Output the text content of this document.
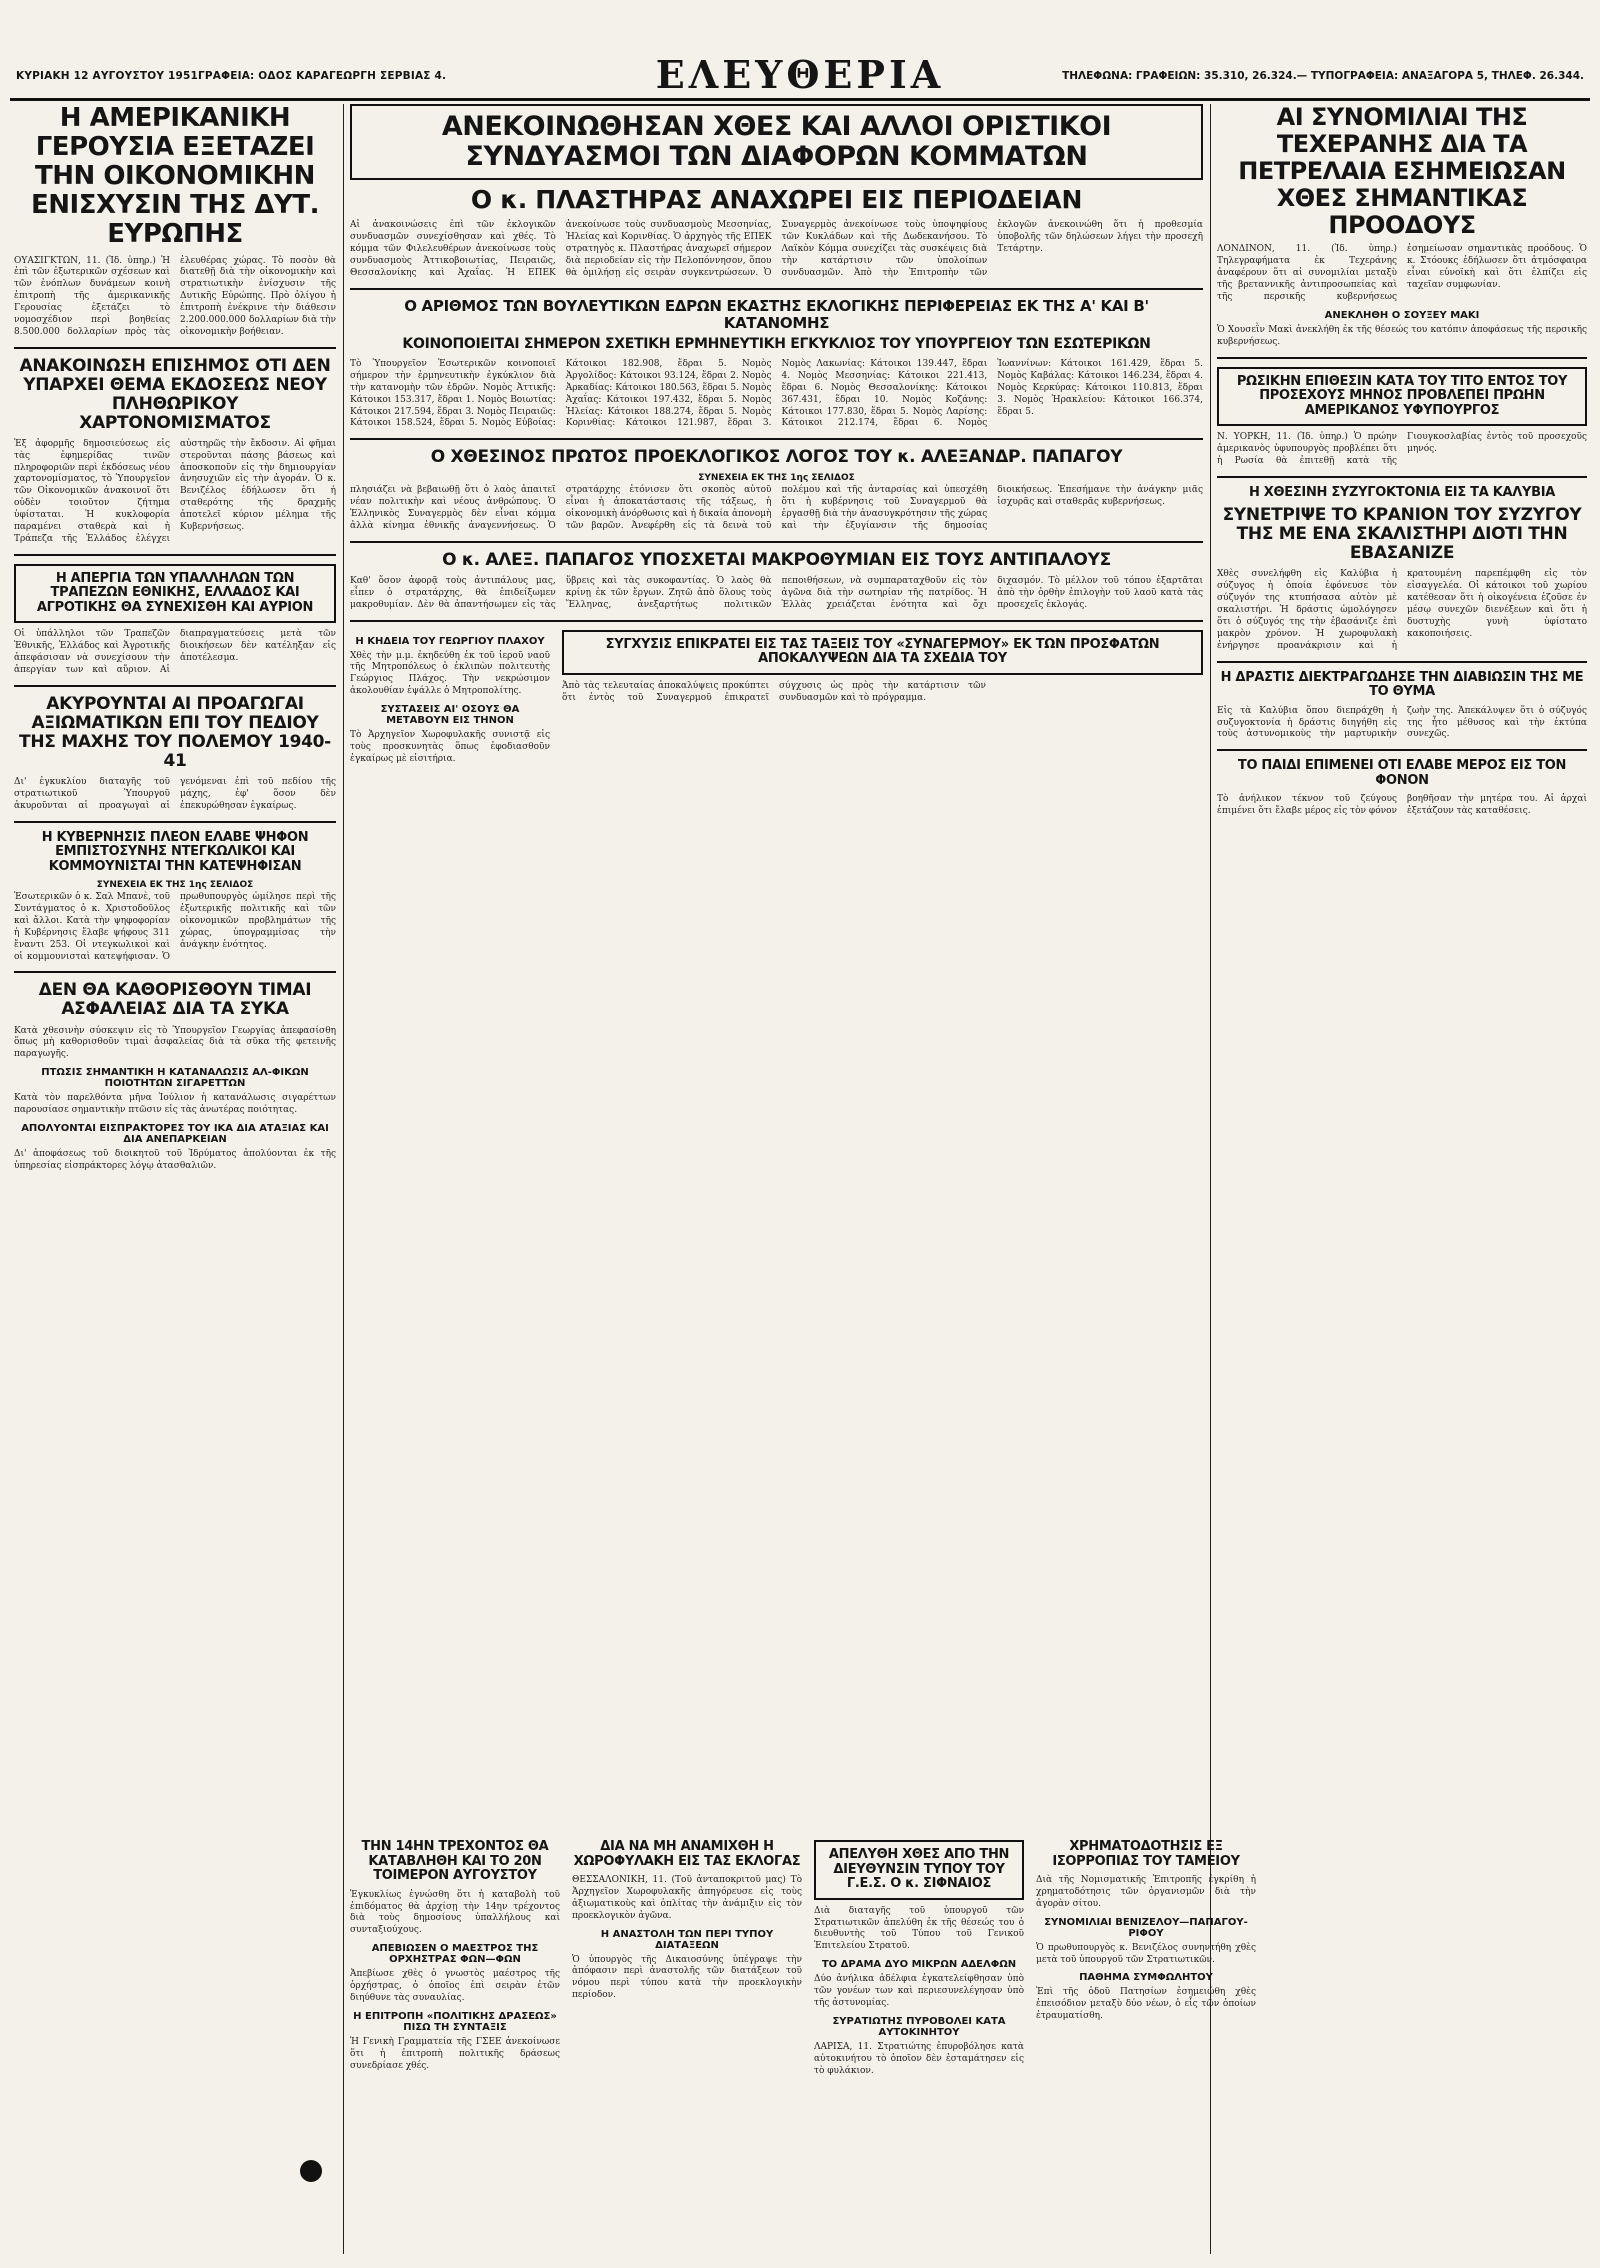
ΚΥΡΙΑΚΗ 12 ΑΥΓΟΥΣΤΟΥ 1951ΓΡΑΦΕΙΑ: ΟΔΟΣ ΚΑΡΑΓΕΩΡΓΗ ΣΕΡΒΙΑΣ 4.	ΕΛΕΥΘΕΡΙΑ	ΤΗΛΕΦΩΝΑ: ΓΡΑΦΕΙΩΝ: 35.310, 26.324.— ΤΥΠΟΓΡΑΦΕΙΑ: ΑΝΑΞΑΓΟΡΑ 5, ΤΗΛΕΦ. 26.344.
Η ΑΜΕΡΙΚΑΝΙΚΗ ΓΕΡΟΥΣΙΑ ΕΞΕΤΑΖΕΙ ΤΗΝ ΟΙΚΟΝΟΜΙΚΗΝ ΕΝΙΣΧΥΣΙΝ ΤΗΣ ΔΥΤ. ΕΥΡΩΠΗΣ

ΟΥΑΣΙΓΚΤΩΝ, 11. (Ἰδ. ὑπηρ.) Ἡ ἐπὶ τῶν ἐξωτερικῶν σχέσεων καὶ τῶν ἐνόπλων δυνάμεων κοινὴ ἐπιτροπὴ τῆς ἀμερικανικῆς Γερουσίας ἐξετάζει τὸ νομοσχέδιον περὶ βοηθείας 8.500.000 δολλαρίων πρὸς τὰς ἐλευθέρας χώρας. Τὸ ποσὸν θὰ διατεθῇ διὰ τὴν οἰκονομικὴν καὶ στρατιωτικὴν ἐνίσχυσιν τῆς Δυτικῆς Εὐρώπης. Πρὸ ὀλίγου ἡ ἐπιτροπὴ ἐνέκρινε τὴν διάθεσιν 2.200.000.000 δολλαρίων διὰ τὴν οἰκονομικὴν βοήθειαν.

ΑΝΑΚΟΙΝΩΣΗ ΕΠΙΣΗΜΟΣ ΟΤΙ ΔΕΝ ΥΠΑΡΧΕΙ ΘΕΜΑ ΕΚΔΟΣΕΩΣ ΝΕΟΥ ΠΛΗΘΩΡΙΚΟΥ ΧΑΡΤΟΝΟΜΙΣΜΑΤΟΣ

Ἐξ ἀφορμῆς δημοσιεύσεως εἰς τὰς ἐφημερίδας τινῶν πληροφοριῶν περὶ ἐκδόσεως νέου χαρτονομίσματος, τὸ Ὑπουργεῖον τῶν Οἰκονομικῶν ἀνακοινοῖ ὅτι οὐδὲν τοιοῦτον ζήτημα ὑφίσταται. Ἡ κυκλοφορία παραμένει σταθερὰ καὶ ἡ Τράπεζα τῆς Ἑλλάδος ἐλέγχει αὐστηρῶς τὴν ἔκδοσιν. Αἱ φῆμαι στεροῦνται πάσης βάσεως καὶ ἀποσκοποῦν εἰς τὴν δημιουργίαν ἀνησυχιῶν εἰς τὴν ἀγοράν. Ὁ κ. Βενιζέλος ἐδήλωσεν ὅτι ἡ σταθερότης τῆς δραχμῆς ἀποτελεῖ κύριον μέλημα τῆς Κυβερνήσεως.

Η ΑΠΕΡΓΙΑ ΤΩΝ ΥΠΑΛΛΗΛΩΝ ΤΩΝ ΤΡΑΠΕΖΩΝ ΕΘΝΙΚΗΣ, ΕΛΛΑΔΟΣ ΚΑΙ ΑΓΡΟΤΙΚΗΣ ΘΑ ΣΥΝΕΧΙΣΘΗ ΚΑΙ ΑΥΡΙΟΝ

Οἱ ὑπάλληλοι τῶν Τραπεζῶν Ἐθνικῆς, Ἑλλάδος καὶ Ἀγροτικῆς ἀπεφάσισαν νὰ συνεχίσουν τὴν ἀπεργίαν των καὶ αὔριον. Αἱ διαπραγματεύσεις μετὰ τῶν διοικήσεων δὲν κατέληξαν εἰς ἀποτέλεσμα.

ΑΚΥΡΟΥΝΤΑΙ ΑΙ ΠΡΟΑΓΩΓΑΙ ΑΞΙΩΜΑΤΙΚΩΝ ΕΠΙ ΤΟΥ ΠΕΔΙΟΥ ΤΗΣ ΜΑΧΗΣ ΤΟΥ ΠΟΛΕΜΟΥ 1940-41

Δι' ἐγκυκλίου διαταγῆς τοῦ στρατιωτικοῦ Ὑπουργοῦ ἀκυροῦνται αἱ προαγωγαὶ αἱ γενόμεναι ἐπὶ τοῦ πεδίου τῆς μάχης, ἐφ' ὅσον δὲν ἐπεκυρώθησαν ἐγκαίρως.

Η ΚΥΒΕΡΝΗΣΙΣ ΠΛΕΟΝ ΕΛΑΒΕ ΨΗΦΟΝ ΕΜΠΙΣΤΟΣΥΝΗΣ ΝΤΕΓΚΩΛΙΚΟΙ ΚΑΙ ΚΟΜΜΟΥΝΙΣΤΑΙ ΤΗΝ ΚΑΤΕΨΗΦΙΣΑΝ
ΣΥΝΕΧΕΙΑ ΕΚ ΤΗΣ 1ης ΣΕΛΙΔΟΣ

Ἐσωτερικῶν ὁ κ. Σαλ Μπανὲ, τοῦ Συντάγματος ὁ κ. Χριστοδοῦλος καὶ ἄλλοι. Κατὰ τὴν ψηφοφορίαν ἡ Κυβέρνησις ἔλαβε ψήφους 311 ἔναντι 253. Οἱ ντεγκωλικοὶ καὶ οἱ κομμουνισταὶ κατεψήφισαν. Ὁ πρωθυπουργὸς ὡμίλησε περὶ τῆς ἐξωτερικῆς πολιτικῆς καὶ τῶν οἰκονομικῶν προβλημάτων τῆς χώρας, ὑπογραμμίσας τὴν ἀνάγκην ἑνότητος.

ΔΕΝ ΘΑ ΚΑΘΟΡΙΣΘΟΥΝ ΤΙΜΑΙ ΑΣΦΑΛΕΙΑΣ ΔΙΑ ΤΑ ΣΥΚΑ

Κατὰ χθεσινὴν σύσκεψιν εἰς τὸ Ὑπουργεῖον Γεωργίας ἀπεφασίσθη ὅπως μὴ καθορισθοῦν τιμαὶ ἀσφαλείας διὰ τὰ σῦκα τῆς φετεινῆς παραγωγῆς.

ΠΤΩΣΙΣ ΣΗΜΑΝΤΙΚΗ Η ΚΑΤΑΝΑΛΩΣΙΣ ΑΛ-ΦΙΚΩΝ ΠΟΙΟΤΗΤΩΝ ΣΙΓΑΡΕΤΤΩΝ

Κατὰ τὸν παρελθόντα μῆνα Ἰούλιον ἡ κατανάλωσις σιγαρέττων παρουσίασε σημαντικὴν πτῶσιν εἰς τὰς ἀνωτέρας ποιότητας.

ΑΠΟΛΥΟΝΤΑΙ ΕΙΣΠΡΑΚΤΟΡΕΣ ΤΟΥ ΙΚΑ ΔΙΑ ΑΤΑΞΙΑΣ ΚΑΙ ΔΙΑ ΑΝΕΠΑΡΚΕΙΑΝ

Δι' ἀποφάσεως τοῦ διοικητοῦ τοῦ Ἱδρύματος ἀπολύονται ἐκ τῆς ὑπηρεσίας εἰσπράκτορες λόγῳ ἀτασθαλιῶν.

ΑΝΕΚΟΙΝΩΘΗΣΑΝ ΧΘΕΣ ΚΑΙ ΑΛΛΟΙ ΟΡΙΣΤΙΚΟΙ ΣΥΝΔΥΑΣΜΟΙ ΤΩΝ ΔΙΑΦΟΡΩΝ ΚΟΜΜΑΤΩΝ
Ο κ. ΠΛΑΣΤΗΡΑΣ ΑΝΑΧΩΡΕΙ ΕΙΣ ΠΕΡΙΟΔΕΙΑΝ

Αἱ ἀνακοινώσεις ἐπὶ τῶν ἐκλογικῶν συνδυασμῶν συνεχίσθησαν καὶ χθές. Τὸ κόμμα τῶν Φιλελευθέρων ἀνεκοίνωσε τοὺς συνδυασμοὺς Ἀττικοβοιωτίας, Πειραιῶς, Θεσσαλονίκης καὶ Ἀχαΐας. Ἡ ΕΠΕΚ ἀνεκοίνωσε τοὺς συνδυασμοὺς Μεσσηνίας, Ἠλείας καὶ Κορινθίας. Ὁ ἀρχηγὸς τῆς ΕΠΕΚ στρατηγὸς κ. Πλαστήρας ἀναχωρεῖ σήμερον διὰ περιοδείαν εἰς τὴν Πελοπόννησον, ὅπου θὰ ὁμιλήσῃ εἰς σειρὰν συγκεντρώσεων. Ὁ Συναγερμὸς ἀνεκοίνωσε τοὺς ὑποψηφίους τῶν Κυκλάδων καὶ τῆς Δωδεκανήσου. Τὸ Λαϊκὸν Κόμμα συνεχίζει τὰς συσκέψεις διὰ τὴν κατάρτισιν τῶν ὑπολοίπων συνδυασμῶν. Ἀπὸ τὴν Ἐπιτροπὴν τῶν ἐκλογῶν ἀνεκοινώθη ὅτι ἡ προθεσμία ὑποβολῆς τῶν δηλώσεων λήγει τὴν προσεχῆ Τετάρτην.

Ο ΑΡΙΘΜΟΣ ΤΩΝ ΒΟΥΛΕΥΤΙΚΩΝ ΕΔΡΩΝ ΕΚΑΣΤΗΣ ΕΚΛΟΓΙΚΗΣ ΠΕΡΙΦΕΡΕΙΑΣ ΕΚ ΤΗΣ Α' ΚΑΙ Β' ΚΑΤΑΝΟΜΗΣ
ΚΟΙΝΟΠΟΙΕΙΤΑΙ ΣΗΜΕΡΟΝ ΣΧΕΤΙΚΗ ΕΡΜΗΝΕΥΤΙΚΗ ΕΓΚΥΚΛΙΟΣ ΤΟΥ ΥΠΟΥΡΓΕΙΟΥ ΤΩΝ ΕΣΩΤΕΡΙΚΩΝ

Τὸ Ὑπουργεῖον Ἐσωτερικῶν κοινοποιεῖ σήμερον τὴν ἑρμηνευτικὴν ἐγκύκλιον διὰ τὴν κατανομὴν τῶν ἑδρῶν. Νομὸς Ἀττικῆς: Κάτοικοι 153.317, ἕδραι 1. Νομὸς Βοιωτίας: Κάτοικοι 217.594, ἕδραι 3. Νομὸς Πειραιῶς: Κάτοικοι 158.524, ἕδραι 5. Νομὸς Εὐβοίας: Κάτοικοι 182.908, ἕδραι 5. Νομὸς Ἀργολίδος: Κάτοικοι 93.124, ἕδραι 2. Νομὸς Ἀρκαδίας: Κάτοικοι 180.563, ἕδραι 5. Νομὸς Ἀχαΐας: Κάτοικοι 197.432, ἕδραι 5. Νομὸς Ἠλείας: Κάτοικοι 188.274, ἕδραι 5. Νομὸς Κορινθίας: Κάτοικοι 121.987, ἕδραι 3. Νομὸς Λακωνίας: Κάτοικοι 139.447, ἕδραι 4. Νομὸς Μεσσηνίας: Κάτοικοι 221.413, ἕδραι 6. Νομὸς Θεσσαλονίκης: Κάτοικοι 367.431, ἕδραι 10. Νομὸς Κοζάνης: Κάτοικοι 177.830, ἕδραι 5. Νομὸς Λαρίσης: Κάτοικοι 212.174, ἕδραι 6. Νομὸς Ἰωαννίνων: Κάτοικοι 161.429, ἕδραι 5. Νομὸς Καβάλας: Κάτοικοι 146.234, ἕδραι 4. Νομὸς Κερκύρας: Κάτοικοι 110.813, ἕδραι 3. Νομὸς Ἡρακλείου: Κάτοικοι 166.374, ἕδραι 5.

Ο ΧΘΕΣΙΝΟΣ ΠΡΩΤΟΣ ΠΡΟΕΚΛΟΓΙΚΟΣ ΛΟΓΟΣ ΤΟΥ κ. ΑΛΕΞΑΝΔΡ. ΠΑΠΑΓΟΥ
ΣΥΝΕΧΕΙΑ ΕΚ ΤΗΣ 1ης ΣΕΛΙΔΟΣ

πλησιάζει νὰ βεβαιωθῇ ὅτι ὁ λαὸς ἀπαιτεῖ νέαν πολιτικὴν καὶ νέους ἀνθρώπους. Ὁ Ἑλληνικὸς Συναγερμὸς δὲν εἶναι κόμμα ἀλλὰ κίνημα ἐθνικῆς ἀναγεννήσεως. Ὁ στρατάρχης ἐτόνισεν ὅτι σκοπὸς αὐτοῦ εἶναι ἡ ἀποκατάστασις τῆς τάξεως, ἡ οἰκονομικὴ ἀνόρθωσις καὶ ἡ δικαία ἀπονομὴ τῶν βαρῶν. Ἀνεφέρθη εἰς τὰ δεινὰ τοῦ πολέμου καὶ τῆς ἀνταρσίας καὶ ὑπεσχέθη ὅτι ἡ κυβέρνησις τοῦ Συναγερμοῦ θὰ ἐργασθῇ διὰ τὴν ἀνασυγκρότησιν τῆς χώρας καὶ τὴν ἐξυγίανσιν τῆς δημοσίας διοικήσεως. Ἐπεσήμανε τὴν ἀνάγκην μιᾶς ἰσχυρᾶς καὶ σταθερᾶς κυβερνήσεως.

Ο κ. ΑΛΕΞ. ΠΑΠΑΓΟΣ ΥΠΟΣΧΕΤΑΙ ΜΑΚΡΟΘΥΜΙΑΝ ΕΙΣ ΤΟΥΣ ΑΝΤΙΠΑΛΟΥΣ

Καθ' ὅσον ἀφορᾷ τοὺς ἀντιπάλους μας, εἶπεν ὁ στρατάρχης, θὰ ἐπιδείξωμεν μακροθυμίαν. Δὲν θὰ ἀπαντήσωμεν εἰς τὰς ὕβρεις καὶ τὰς συκοφαντίας. Ὁ λαὸς θὰ κρίνῃ ἐκ τῶν ἔργων. Ζητῶ ἀπὸ ὅλους τοὺς Ἕλληνας, ἀνεξαρτήτως πολιτικῶν πεποιθήσεων, νὰ συμπαραταχθοῦν εἰς τὸν ἀγῶνα διὰ τὴν σωτηρίαν τῆς πατρίδος. Ἡ Ἑλλὰς χρειάζεται ἑνότητα καὶ ὄχι διχασμόν. Τὸ μέλλον τοῦ τόπου ἐξαρτᾶται ἀπὸ τὴν ὀρθὴν ἐπιλογὴν τοῦ λαοῦ κατὰ τὰς προσεχεῖς ἐκλογάς.

Η ΚΗΔΕΙΑ ΤΟΥ ΓΕΩΡΓΙΟΥ ΠΛΑΧΟΥ

Χθὲς τὴν μ.μ. ἐκηδεύθη ἐκ τοῦ ἱεροῦ ναοῦ τῆς Μητροπόλεως ὁ ἐκλιπὼν πολιτευτὴς Γεώργιος Πλάχος. Τὴν νεκρώσιμον ἀκολουθίαν ἐψάλλε ὁ Μητροπολίτης.

ΣΥΣΤΑΣΕΙΣ ΑΙ' ΟΣΟΥΣ ΘΑ ΜΕΤΑΒΟΥΝ ΕΙΣ ΤΗΝΟΝ

Τὸ Ἀρχηγεῖον Χωροφυλακῆς συνιστᾷ εἰς τοὺς προσκυνητὰς ὅπως ἐφοδιασθοῦν ἐγκαίρως μὲ εἰσιτήρια.

ΣΥΓΧΥΣΙΣ ΕΠΙΚΡΑΤΕΙ ΕΙΣ ΤΑΣ ΤΑΞΕΙΣ ΤΟΥ «ΣΥΝΑΓΕΡΜΟΥ» ΕΚ ΤΩΝ ΠΡΟΣΦΑΤΩΝ ΑΠΟΚΑΛΥΨΕΩΝ ΔΙΑ ΤΑ ΣΧΕΔΙΑ ΤΟΥ

Ἀπὸ τὰς τελευταίας ἀποκαλύψεις προκύπτει ὅτι ἐντὸς τοῦ Συναγερμοῦ ἐπικρατεῖ σύγχυσις ὡς πρὸς τὴν κατάρτισιν τῶν συνδυασμῶν καὶ τὸ πρόγραμμα.

ΑΙ ΣΥΝΟΜΙΛΙΑΙ ΤΗΣ ΤΕΧΕΡΑΝΗΣ ΔΙΑ ΤΑ ΠΕΤΡΕΛΑΙΑ ΕΣΗΜΕΙΩΣΑΝ ΧΘΕΣ ΣΗΜΑΝΤΙΚΑΣ ΠΡΟΟΔΟΥΣ

ΛΟΝΔΙΝΟΝ, 11. (Ἰδ. ὑπηρ.) Τηλεγραφήματα ἐκ Τεχεράνης ἀναφέρουν ὅτι αἱ συνομιλίαι μεταξὺ τῆς βρεταννικῆς ἀντιπροσωπείας καὶ τῆς περσικῆς κυβερνήσεως ἐσημείωσαν σημαντικὰς προόδους. Ὁ κ. Στόουκς ἐδήλωσεν ὅτι ἀτμόσφαιρα εἶναι εὐνοϊκὴ καὶ ὅτι ἐλπίζει εἰς ταχεῖαν συμφωνίαν.

ΑΝΕΚΛΗΘΗ Ο ΣΟΥΞΕΥ ΜΑΚΙ

Ὁ Χουσεῒν Μακὶ ἀνεκλήθη ἐκ τῆς θέσεώς του κατόπιν ἀποφάσεως τῆς περσικῆς κυβερνήσεως.

ΡΩΣΙΚΗΝ ΕΠΙΘΕΣΙΝ ΚΑΤΑ ΤΟΥ ΤΙΤΟ ΕΝΤΟΣ ΤΟΥ ΠΡΟΣΕΧΟΥΣ ΜΗΝΟΣ ΠΡΟΒΛΕΠΕΙ ΠΡΩΗΝ ΑΜΕΡΙΚΑΝΟΣ ΥΦΥΠΟΥΡΓΟΣ

Ν. ΥΟΡΚΗ, 11. (Ἰδ. ὑπηρ.) Ὁ πρώην ἀμερικανὸς ὑφυπουργὸς προβλέπει ὅτι ἡ Ρωσία θὰ ἐπιτεθῇ κατὰ τῆς Γιουγκοσλαβίας ἐντὸς τοῦ προσεχοῦς μηνός.

Η ΧΘΕΣΙΝΗ ΣΥΖΥΓΟΚΤΟΝΙΑ ΕΙΣ ΤΑ ΚΑΛΥΒΙΑ
ΣΥΝΕΤΡΙΨΕ ΤΟ ΚΡΑΝΙΟΝ ΤΟΥ ΣΥΖΥΓΟΥ ΤΗΣ ΜΕ ΕΝΑ ΣΚΑΛΙΣΤΗΡΙ ΔΙΟΤΙ ΤΗΝ ΕΒΑΣΑΝΙΖΕ

Χθὲς συνελήφθη εἰς Καλύβια ἡ σύζυγος ἡ ὁποία ἐφόνευσε τὸν σύζυγόν της κτυπήσασα αὐτὸν μὲ σκαλιστήρι. Ἡ δράστις ὡμολόγησεν ὅτι ὁ σύζυγός της τὴν ἐβασάνιζε ἐπὶ μακρὸν χρόνον. Ἡ χωροφυλακὴ ἐνήργησε προανάκρισιν καὶ ἡ κρατουμένη παρεπέμφθη εἰς τὸν εἰσαγγελέα. Οἱ κάτοικοι τοῦ χωρίου κατέθεσαν ὅτι ἡ οἰκογένεια ἐζοῦσε ἐν μέσῳ συνεχῶν διενέξεων καὶ ὅτι ἡ δυστυχὴς γυνὴ ὑφίστατο κακοποιήσεις.

Η ΔΡΑΣΤΙΣ ΔΙΕΚΤΡΑΓΩΔΗΣΕ ΤΗΝ ΔΙΑΒΙΩΣΙΝ ΤΗΣ ΜΕ ΤΟ ΘΥΜΑ

Εἰς τὰ Καλύβια ὅπου διεπράχθη ἡ συζυγοκτονία ἡ δράστις διηγήθη εἰς τοὺς ἀστυνομικοὺς τὴν μαρτυρικὴν ζωὴν της. Ἀπεκάλυψεν ὅτι ὁ σύζυγός της ἦτο μέθυσος καὶ τὴν ἐκτύπα συνεχῶς.

ΤΟ ΠΑΙΔΙ ΕΠΙΜΕΝΕΙ ΟΤΙ ΕΛΑΒΕ ΜΕΡΟΣ ΕΙΣ ΤΟΝ ΦΟΝΟΝ

Τὸ ἀνήλικον τέκνον τοῦ ζεύγους ἐπιμένει ὅτι ἔλαβε μέρος εἰς τὸν φόνον βοηθῆσαν τὴν μητέρα του. Αἱ ἀρχαὶ ἐξετάζουν τὰς καταθέσεις.

ΤΗΝ 14ΗΝ ΤΡΕΧΟΝΤΟΣ ΘΑ ΚΑΤΑΒΛΗΘΗ ΚΑΙ ΤΟ 20Ν ΤΟΙΜΕΡΟΝ ΑΥΓΟΥΣΤΟΥ

Ἐγκυκλίως ἐγνώσθη ὅτι ἡ καταβολὴ τοῦ ἐπιδόματος θὰ ἀρχίσῃ τὴν 14ην τρέχοντος διὰ τοὺς δημοσίους ὑπαλλήλους καὶ συνταξιούχους.

ΑΠΕΒΙΩΣΕΝ Ο ΜΑΕΣΤΡΟΣ ΤΗΣ ΟΡΧΗΣΤΡΑΣ ΦΩΝ—ΦΩΝ

Ἀπεβίωσε χθὲς ὁ γνωστὸς μαέστρος τῆς ὀρχήστρας, ὁ ὁποῖος ἐπὶ σειρὰν ἐτῶν διηύθυνε τὰς συναυλίας.

Η ΕΠΙΤΡΟΠΗ «ΠΟΛΙΤΙΚΗΣ ΔΡΑΣΕΩΣ» ΠΙΣΩ ΤΗ ΣΥΝΤΑΞΙΣ

Ἡ Γενικὴ Γραμματεία τῆς ΓΣΕΕ ἀνεκοίνωσε ὅτι ἡ ἐπιτροπὴ πολιτικῆς δράσεως συνεδρίασε χθές.

ΔΙΑ ΝΑ ΜΗ ΑΝΑΜΙΧΘΗ Η ΧΩΡΟΦΥΛΑΚΗ ΕΙΣ ΤΑΣ ΕΚΛΟΓΑΣ

ΘΕΣΣΑΛΟΝΙΚΗ, 11. (Τοῦ ἀνταποκριτοῦ μας) Τὸ Ἀρχηγεῖον Χωροφυλακῆς ἀπηγόρευσε εἰς τοὺς ἀξιωματικοὺς καὶ ὁπλίτας τὴν ἀνάμιξιν εἰς τὸν προεκλογικὸν ἀγῶνα.

Η ΑΝΑΣΤΟΛΗ ΤΩΝ ΠΕΡΙ ΤΥΠΟΥ ΔΙΑΤΑΞΕΩΝ

Ὁ ὑπουργὸς τῆς Δικαιοσύνης ὑπέγραψε τὴν ἀπόφασιν περὶ ἀναστολῆς τῶν διατάξεων τοῦ νόμου περὶ τύπου κατὰ τὴν προεκλογικὴν περίοδον.

ΑΠΕΛΥΘΗ ΧΘΕΣ ΑΠΟ ΤΗΝ ΔΙΕΥΘΥΝΣΙΝ ΤΥΠΟΥ ΤΟΥ Γ.Ε.Σ. Ο κ. ΣΙΦΝΑΙΟΣ

Διὰ διαταγῆς τοῦ ὑπουργοῦ τῶν Στρατιωτικῶν ἀπελύθη ἐκ τῆς θέσεώς του ὁ διευθυντὴς τοῦ Τύπου τοῦ Γενικοῦ Ἐπιτελείου Στρατοῦ.

ΤΟ ΔΡΑΜΑ ΔΥΟ ΜΙΚΡΩΝ ΑΔΕΛΦΩΝ

Δύο ἀνήλικα ἀδέλφια ἐγκατελείφθησαν ὑπὸ τῶν γονέων των καὶ περιεσυνελέγησαν ὑπὸ τῆς ἀστυνομίας.

ΣΥΡΑΤΙΩΤΗΣ ΠΥΡΟΒΟΛΕΙ ΚΑΤΑ ΑΥΤΟΚΙΝΗΤΟΥ

ΛΑΡΙΣΑ, 11. Στρατιώτης ἐπυροβόλησε κατὰ αὐτοκινήτου τὸ ὁποῖον δὲν ἐσταμάτησεν εἰς τὸ φυλάκιον.

ΧΡΗΜΑΤΟΔΟΤΗΣΙΣ ΕΞ ΙΣΟΡΡΟΠΙΑΣ ΤΟΥ ΤΑΜΕΙΟΥ

Διὰ τῆς Νομισματικῆς Ἐπιτροπῆς ἐγκρίθη ἡ χρηματοδότησις τῶν ὀργανισμῶν διὰ τὴν ἀγορὰν σίτου.

ΣΥΝΟΜΙΛΙΑΙ ΒΕΝΙΖΕΛΟΥ—ΠΑΠΑΓΟΥ-ΡΙΦΟΥ

Ὁ πρωθυπουργὸς κ. Βενιζέλος συνηντήθη χθὲς μετὰ τοῦ ὑπουργοῦ τῶν Στρατιωτικῶν.

ΠΑΘΗΜΑ ΣΥΜΦΩΛΗΤΟΥ

Ἐπὶ τῆς ὁδοῦ Πατησίων ἐσημειώθη χθὲς ἐπεισόδιον μεταξὺ δύο νέων, ὁ εἷς τῶν ὁποίων ἐτραυματίσθη.
